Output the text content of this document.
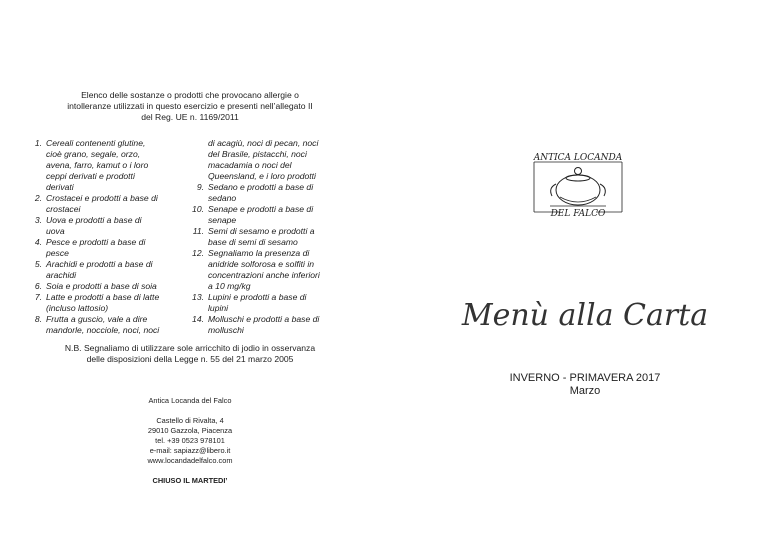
Elenco delle sostanze o prodotti che provocano allergie o
intolleranze utilizzati in questo esercizio e presenti nell’allegato II
del Reg. UE n. 1169/2011
1. Cereali contenenti glutine,
cioè grano, segale, orzo,
avena, farro, kamut o i loro
ceppi derivati e prodotti
derivati
2. Crostacei e prodotti a base di
crostacei
3. Uova e prodotti a base di
uova
4. Pesce e prodotti a base di
pesce
5. Arachidi e prodotti a base di
arachidi
6. Soia e prodotti a base di soia
7. Latte e prodotti a base di latte
(incluso lattosio)
8. Frutta a guscio, vale a dire
mandorle, nocciole, noci, noci
di acagiù, noci di pecan, noci
del Brasile, pistacchi, noci
macadamia o noci del
Queensland, e i loro prodotti
9. Sedano e prodotti a base di
sedano
10. Senape e prodotti a base di
senape
11. Semi di sesamo e prodotti a
base di semi di sesamo
12. Segnaliamo la presenza di
anidride solforosa e solfiti in
concentrazioni anche inferiori
a 10 mg/kg
13. Lupini e prodotti a base di
lupini
14. Molluschi e prodotti a base di
molluschi
N.B. Segnaliamo di utilizzare sole arricchito di jodio in osservanza
delle disposizioni della Legge n. 55 del 21 marzo 2005
Antica Locanda del Falco
Castello di Rivalta, 4
29010 Gazzola, Piacenza
tel. +39 0523 978101
e-mail: sapiazz@libero.it
www.locandadelfalco.com
CHIUSO IL MARTEDI’
ANTICA LOCANDA
DEL FALCO
Menù alla Carta
INVERNO - PRIMAVERA 2017
Marzo
